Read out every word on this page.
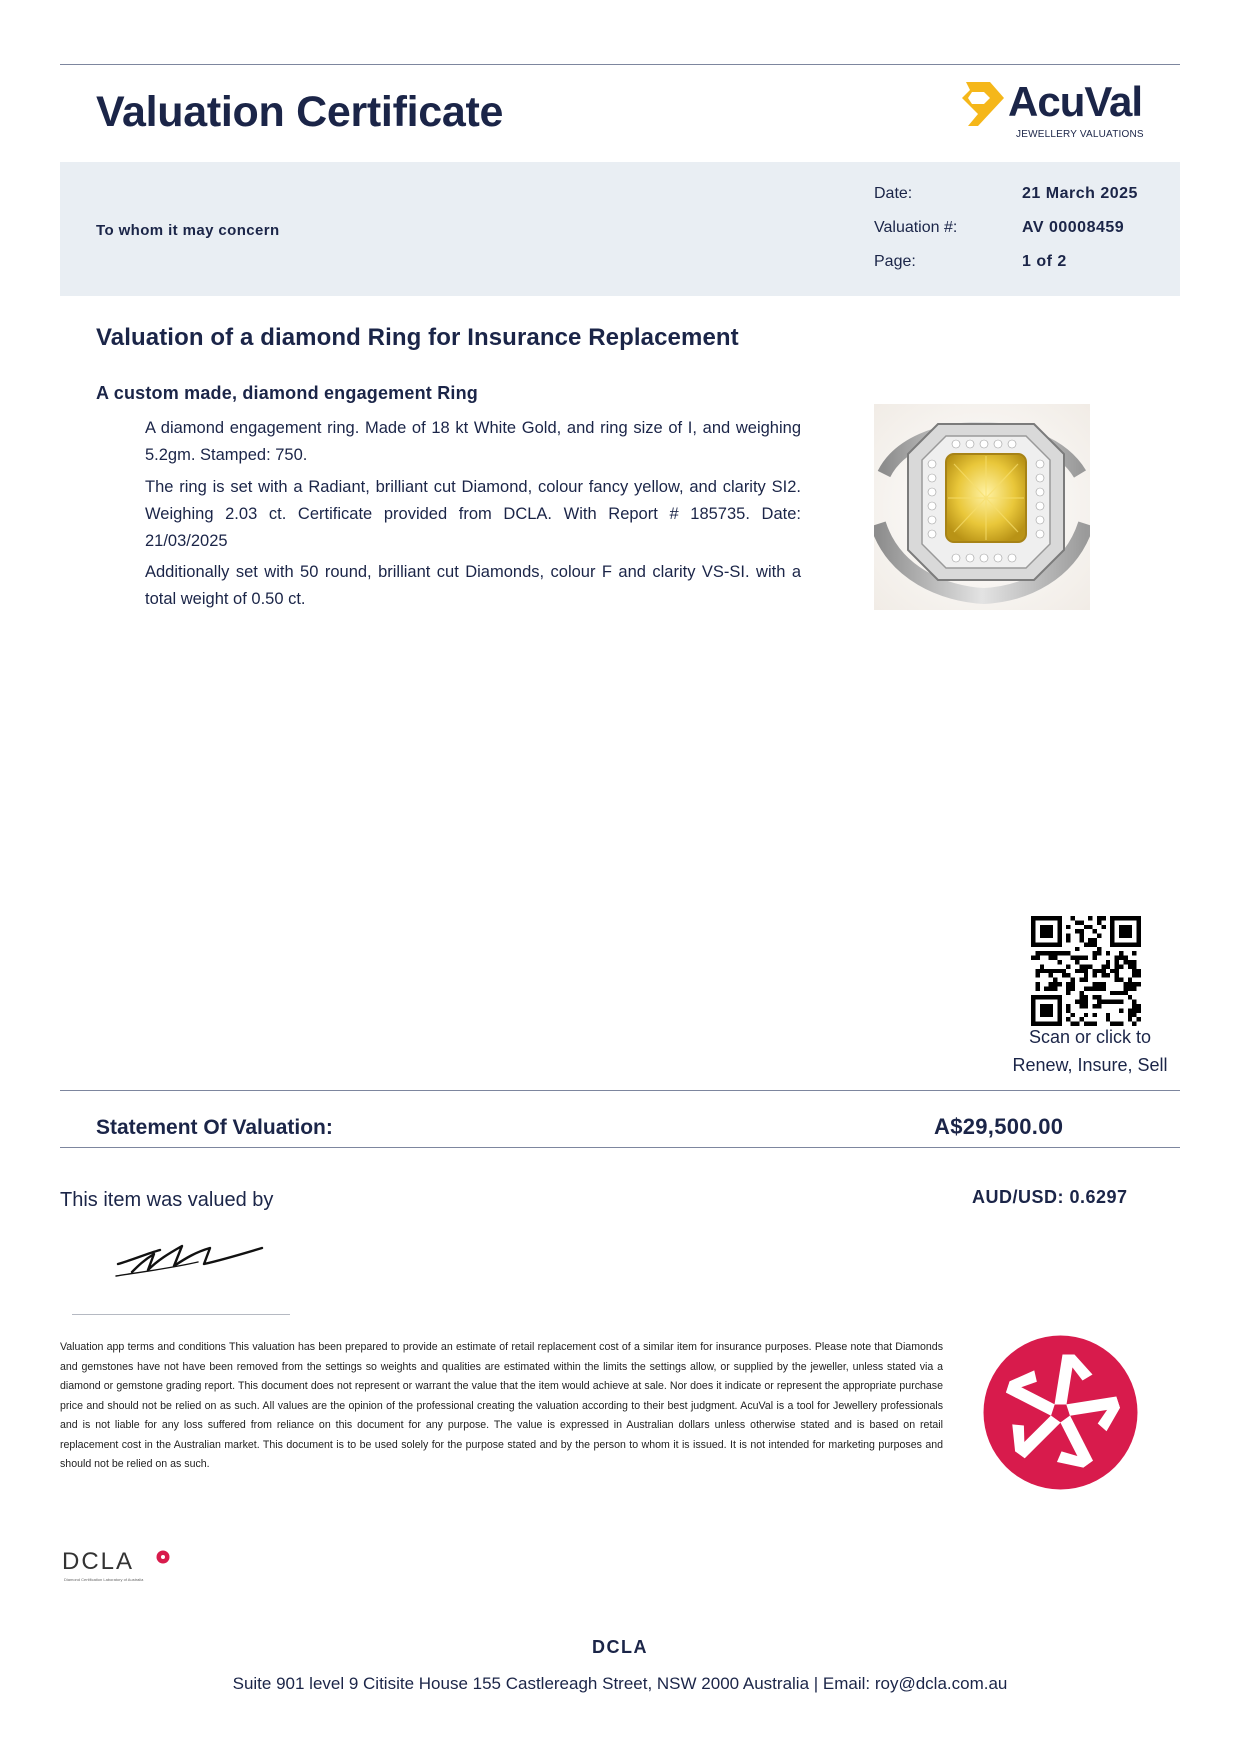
Valuation Certificate	AcuVal
JEWELLERY VALUATIONS
To whom it may concern
Date:	21 March 2025
Valuation #:	AV 00008459
Page:	1 of 2
Valuation of a diamond Ring for Insurance Replacement
A custom made, diamond engagement Ring
A diamond engagement ring. Made of 18 kt White Gold, and ring size of I, and weighing 5.2gm. Stamped: 750.
The ring is set with a Radiant, brilliant cut Diamond, colour fancy yellow, and clarity SI2. Weighing 2.03 ct. Certificate provided from DCLA. With Report # 185735. Date: 21/03/2025
Additionally set with 50 round, brilliant cut Diamonds, colour F and clarity VS-SI. with a total weight of 0.50 ct.
Scan or click to
Renew, Insure, Sell
Statement Of Valuation:	A$29,500.00
This item was valued by	AUD/USD: 0.6297
Valuation app terms and conditions This valuation has been prepared to provide an estimate of retail replacement cost of a similar item for insurance purposes. Please note that Diamonds and gemstones have not have been removed from the settings so weights and qualities are estimated within the limits the settings allow, or supplied by the jeweller, unless stated via a diamond or gemstone grading report. This document does not represent or warrant the value that the item would achieve at sale. Nor does it indicate or represent the appropriate purchase price and should not be relied on as such. All values are the opinion of the professional creating the valuation according to their best judgment. AcuVal is a tool for Jewellery professionals and is not liable for any loss suffered from reliance on this document for any purpose. The value is expressed in Australian dollars unless otherwise stated and is based on retail replacement cost in the Australian market. This document is to be used solely for the purpose stated and by the person to whom it is issued. It is not intended for marketing purposes and should not be relied on as such.
DCLA
Diamond Certification Laboratory of Australia
DCLA
Suite 901 level 9 Citisite House 155 Castlereagh Street, NSW 2000 Australia | Email: roy@dcla.com.au
